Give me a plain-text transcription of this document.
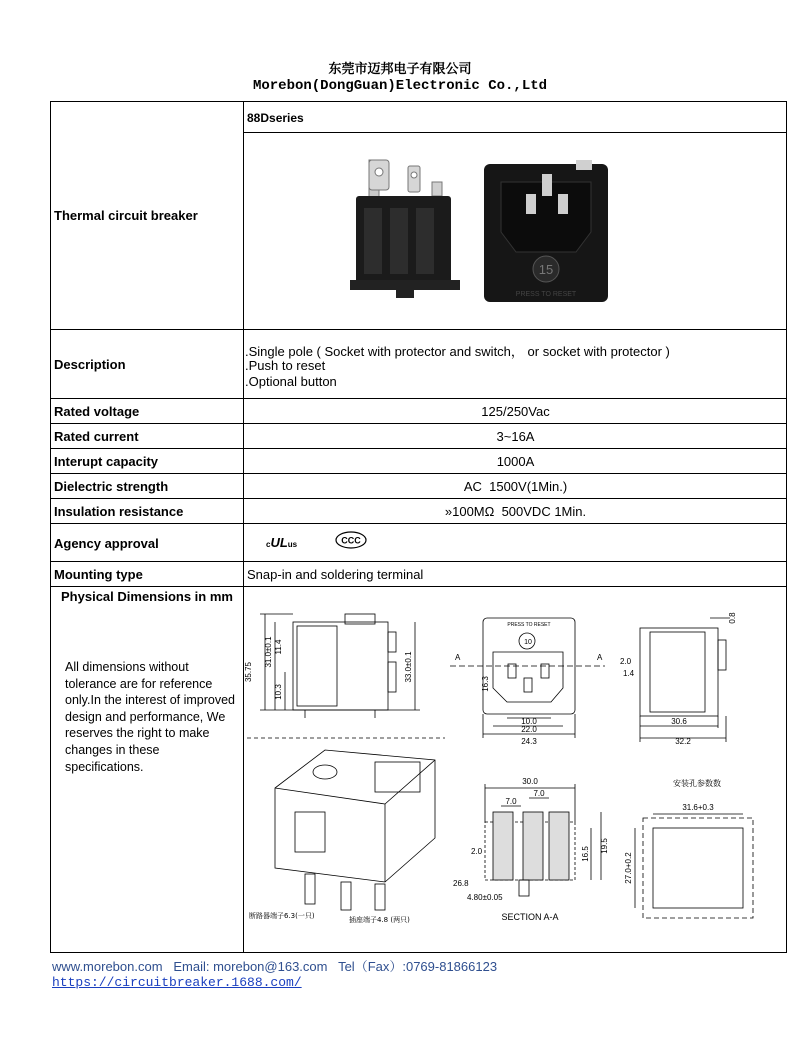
东莞市迈邦电子有限公司
Morebon(DongGuan)Electronic Co.,Ltd
88Dseries
Thermal circuit breaker
15
PRESS TO RESET
Description
.Single pole ( Socket with protector and switch， or socket with protector )
.Push to reset
.Optional button
Rated voltage	125/250Vac
Rated current	3~16A
Interupt capacity	1000A
Dielectric strength	AC  1500V(1Min.)
Insulation resistance	»100MΩ  500VDC 1Min.
Agency approval	cULus	CCC
Mounting type	Snap-in and soldering terminal
Physical Dimensions in mm
All dimensions without tolerance are for reference only.In the interest of improved design and performance, We reserves the right to make changes in these specifications.
35.75
31.0±0.1 11.4
10.3
33.0±0.1
10
PRESS TO RESET
16.3
10.0
22.0
24.3
A	A
0.8
2.0
1.4
30.6
32.2
30.0
7.0
7.0
2.0	16.5
19.5
26.8
4.80±0.05
SECTION A-A
安装孔参数数
31.6+0.3
27.0+0.2
断路器端子6.3(一只)	插座端子4.8 (两只)
www.morebon.com   Email: morebon@163.com   Tel（Fax）:0769-81866123
https://circuitbreaker.1688.com/
